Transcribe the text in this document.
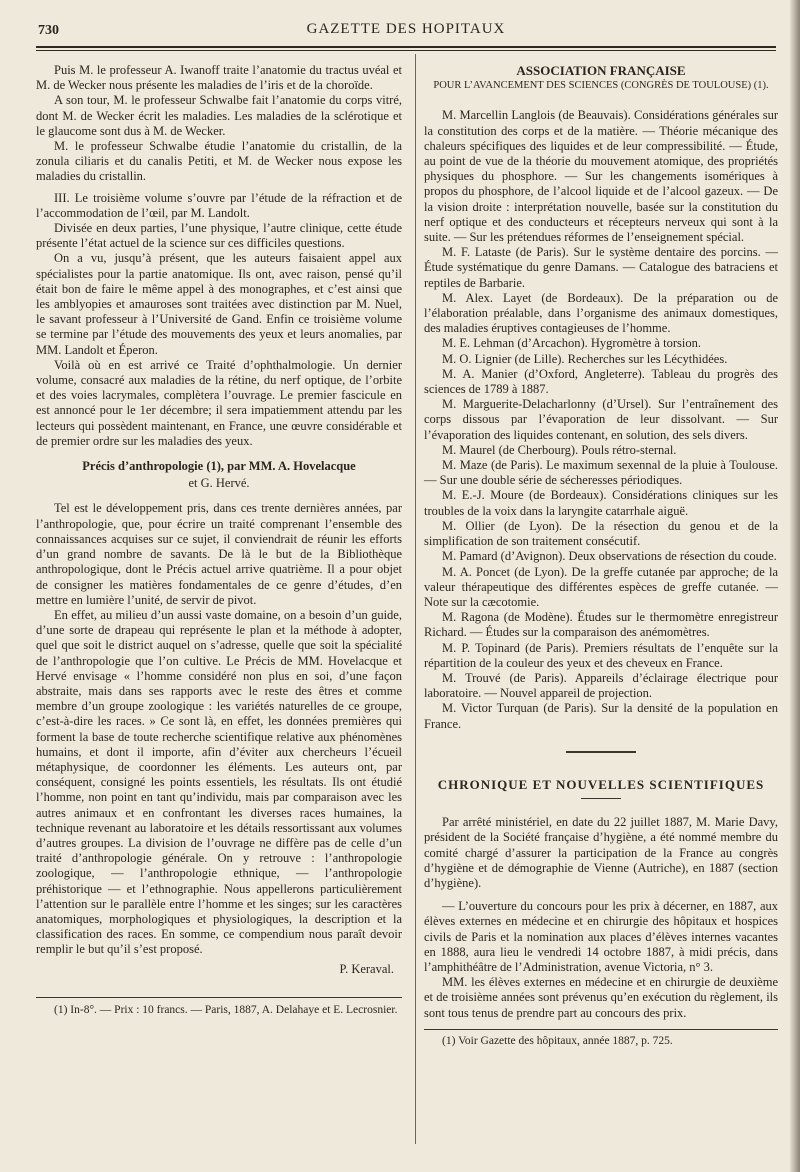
730	GAZETTE DES HOPITAUX

Puis M. le professeur A. Iwanoff traite l’anatomie du tractus uvéal et M. de Wecker nous présente les maladies de l’iris et de la choroïde.

A son tour, M. le professeur Schwalbe fait l’anatomie du corps vitré, dont M. de Wecker écrit les maladies. Les maladies de la sclérotique et le glaucome sont dus à M. de Wecker.

M. le professeur Schwalbe étudie l’anatomie du cristallin, de la zonula ciliaris et du canalis Petiti, et M. de Wecker nous expose les maladies du cristallin.

III. Le troisième volume s’ouvre par l’étude de la réfraction et de l’accommodation de l’œil, par M. Landolt.

Divisée en deux parties, l’une physique, l’autre clinique, cette étude présente l’état actuel de la science sur ces difficiles questions.

On a vu, jusqu’à présent, que les auteurs faisaient appel aux spécialistes pour la partie anatomique. Ils ont, avec raison, pensé qu’il était bon de faire le même appel à des monographes, et c’est ainsi que les amblyopies et amauroses sont traitées avec distinction par M. Nuel, le savant professeur à l’Université de Gand. Enfin ce troisième volume se termine par l’étude des mouvements des yeux et leurs anomalies, par MM. Landolt et Éperon.

Voilà où en est arrivé ce Traité d’ophthalmologie. Un dernier volume, consacré aux maladies de la rétine, du nerf optique, de l’orbite et des voies lacrymales, complètera l’ouvrage. Le premier fascicule en est annoncé pour le 1er décembre; il sera impatiemment attendu par les lecteurs qui possèdent maintenant, en France, une œuvre considérable et de premier ordre sur les maladies des yeux.

Précis d’anthropologie (1), par MM. A. Hovelacque
et G. Hervé.

Tel est le développement pris, dans ces trente dernières années, par l’anthropologie, que, pour écrire un traité comprenant l’ensemble des connaissances acquises sur ce sujet, il conviendrait de réunir les efforts d’un grand nombre de savants. De là le but de la Bibliothèque anthropologique, dont le Précis actuel arrive quatrième. Il a pour objet de consigner les matières fondamentales de ce genre d’études, d’en mettre en lumière l’unité, de servir de pivot.

En effet, au milieu d’un aussi vaste domaine, on a besoin d’un guide, d’une sorte de drapeau qui représente le plan et la méthode à adopter, quel que soit le district auquel on s’adresse, quelle que soit la spécialité de l’anthropologie que l’on cultive. Le Précis de MM. Hovelacque et Hervé envisage « l’homme considéré non plus en soi, d’une façon abstraite, mais dans ses rapports avec le reste des êtres et comme membre d’un groupe zoologique : les variétés naturelles de ce groupe, c’est-à-dire les races. » Ce sont là, en effet, les données premières qui forment la base de toute recherche scientifique relative aux phénomènes humains, et dont il importe, afin d’éviter aux chercheurs l’écueil métaphysique, de coordonner les éléments. Les auteurs ont, par conséquent, consigné les points essentiels, les résultats. Ils ont étudié l’homme, non point en tant qu’individu, mais par comparaison avec les autres animaux et en confrontant les diverses races humaines, la technique revenant au laboratoire et les détails ressortissant aux volumes d’autres groupes. La division de l’ouvrage ne diffère pas de celle d’un traité d’anthropologie générale. On y retrouve : l’anthropologie zoologique, — l’anthropologie ethnique, — l’anthropologie préhistorique — et l’ethnographie. Nous appellerons particulièrement l’attention sur le parallèle entre l’homme et les singes; sur les caractères anatomiques, morphologiques et physiologiques, la description et la classification des races. En somme, ce compendium nous paraît devoir remplir le but qu’il s’est proposé.

P. Keraval.

(1) In-8°. — Prix : 10 francs. — Paris, 1887, A. Delahaye et E. Lecrosnier.

ASSOCIATION FRANÇAISE
POUR L’AVANCEMENT DES SCIENCES (CONGRÈS DE TOULOUSE) (1).

M. Marcellin Langlois (de Beauvais). Considérations générales sur la constitution des corps et de la matière. — Théorie mécanique des chaleurs spécifiques des liquides et de leur compressibilité. — Étude, au point de vue de la théorie du mouvement atomique, des propriétés physiques du phosphore. — Sur les changements isomériques à propos du phosphore, de l’alcool liquide et de l’alcool gazeux. — De la vision droite : interprétation nouvelle, basée sur la constitution du nerf optique et des conducteurs et récepteurs nerveux qui sont à la suite. — Sur les prétendues réformes de l’enseignement spécial.

M. F. Lataste (de Paris). Sur le système dentaire des porcins. — Étude systématique du genre Damans. — Catalogue des batraciens et reptiles de Barbarie.

M. Alex. Layet (de Bordeaux). De la préparation ou de l’élaboration préalable, dans l’organisme des animaux domestiques, des maladies éruptives contagieuses de l’homme.

M. E. Lehman (d’Arcachon). Hygromètre à torsion.

M. O. Lignier (de Lille). Recherches sur les Lécythidées.

M. A. Manier (d’Oxford, Angleterre). Tableau du progrès des sciences de 1789 à 1887.

M. Marguerite-Delacharlonny (d’Ursel). Sur l’entraînement des corps dissous par l’évaporation de leur dissolvant. — Sur l’évaporation des liquides contenant, en solution, des sels divers.

M. Maurel (de Cherbourg). Pouls rétro-sternal.

M. Maze (de Paris). Le maximum sexennal de la pluie à Toulouse. — Sur une double série de sécheresses périodiques.

M. E.-J. Moure (de Bordeaux). Considérations cliniques sur les troubles de la voix dans la laryngite catarrhale aiguë.

M. Ollier (de Lyon). De la résection du genou et de la simplification de son traitement consécutif.

M. Pamard (d’Avignon). Deux observations de résection du coude.

M. A. Poncet (de Lyon). De la greffe cutanée par approche; de la valeur thérapeutique des différentes espèces de greffe cutanée. — Note sur la cæcotomie.

M. Ragona (de Modène). Études sur le thermomètre enregistreur Richard. — Études sur la comparaison des anémomètres.

M. P. Topinard (de Paris). Premiers résultats de l’enquête sur la répartition de la couleur des yeux et des cheveux en France.

M. Trouvé (de Paris). Appareils d’éclairage électrique pour laboratoire. — Nouvel appareil de projection.

M. Victor Turquan (de Paris). Sur la densité de la population en France.

CHRONIQUE ET NOUVELLES SCIENTIFIQUES

Par arrêté ministériel, en date du 22 juillet 1887, M. Marie Davy, président de la Société française d’hygiène, a été nommé membre du comité chargé d’assurer la participation de la France au congrès d’hygiène et de démographie de Vienne (Autriche), en 1887 (section d’hygiène).

— L’ouverture du concours pour les prix à décerner, en 1887, aux élèves externes en médecine et en chirurgie des hôpitaux et hospices civils de Paris et la nomination aux places d’élèves internes vacantes en 1888, aura lieu le vendredi 14 octobre 1887, à midi précis, dans l’amphithéâtre de l’Administration, avenue Victoria, n° 3.

MM. les élèves externes en médecine et en chirurgie de deuxième et de troisième années sont prévenus qu’en exécution du règlement, ils sont tous tenus de prendre part au concours des prix.

(1) Voir Gazette des hôpitaux, année 1887, p. 725.
